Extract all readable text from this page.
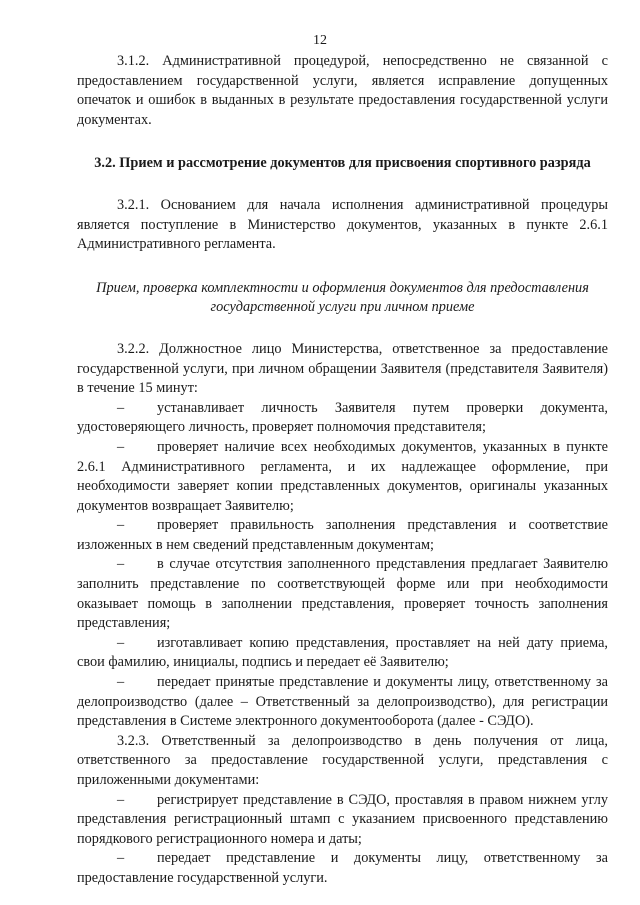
12

3.1.2. Административной процедурой, непосредственно не связанной с предоставлением государственной услуги, является исправление допущенных опечаток и ошибок в выданных в результате предоставления государственной услуги документах.

3.2. Прием и рассмотрение документов для присвоения спортивного разряда

3.2.1. Основанием для начала исполнения административной процедуры является поступление в Министерство документов, указанных в пункте 2.6.1 Административного регламента.

Прием, проверка комплектности и оформления документов для предоставления государственной услуги при личном приеме

3.2.2. Должностное лицо Министерства, ответственное за предоставление государственной услуги, при личном обращении Заявителя (представителя Заявителя) в течение 15 минут:

– устанавливает личность Заявителя путем проверки документа, удостоверяющего личность, проверяет полномочия представителя;

– проверяет наличие всех необходимых документов, указанных в пункте 2.6.1 Административного регламента, и их надлежащее оформление, при необходимости заверяет копии представленных документов, оригиналы указанных документов возвращает Заявителю;

– проверяет правильность заполнения представления и соответствие изложенных в нем сведений представленным документам;

– в случае отсутствия заполненного представления предлагает Заявителю заполнить представление по соответствующей форме или при необходимости оказывает помощь в заполнении представления, проверяет точность заполнения представления;

– изготавливает копию представления, проставляет на ней дату приема, свои фамилию, инициалы, подпись и передает её Заявителю;

– передает принятые представление и документы лицу, ответственному за делопроизводство (далее – Ответственный за делопроизводство), для регистрации представления в Системе электронного документооборота (далее - СЭДО).

3.2.3. Ответственный за делопроизводство в день получения от лица, ответственного за предоставление государственной услуги, представления с приложенными документами:

– регистрирует представление в СЭДО, проставляя в правом нижнем углу представления регистрационный штамп с указанием присвоенного представлению порядкового регистрационного номера и даты;

– передает представление и документы лицу, ответственному за предоставление государственной услуги.
